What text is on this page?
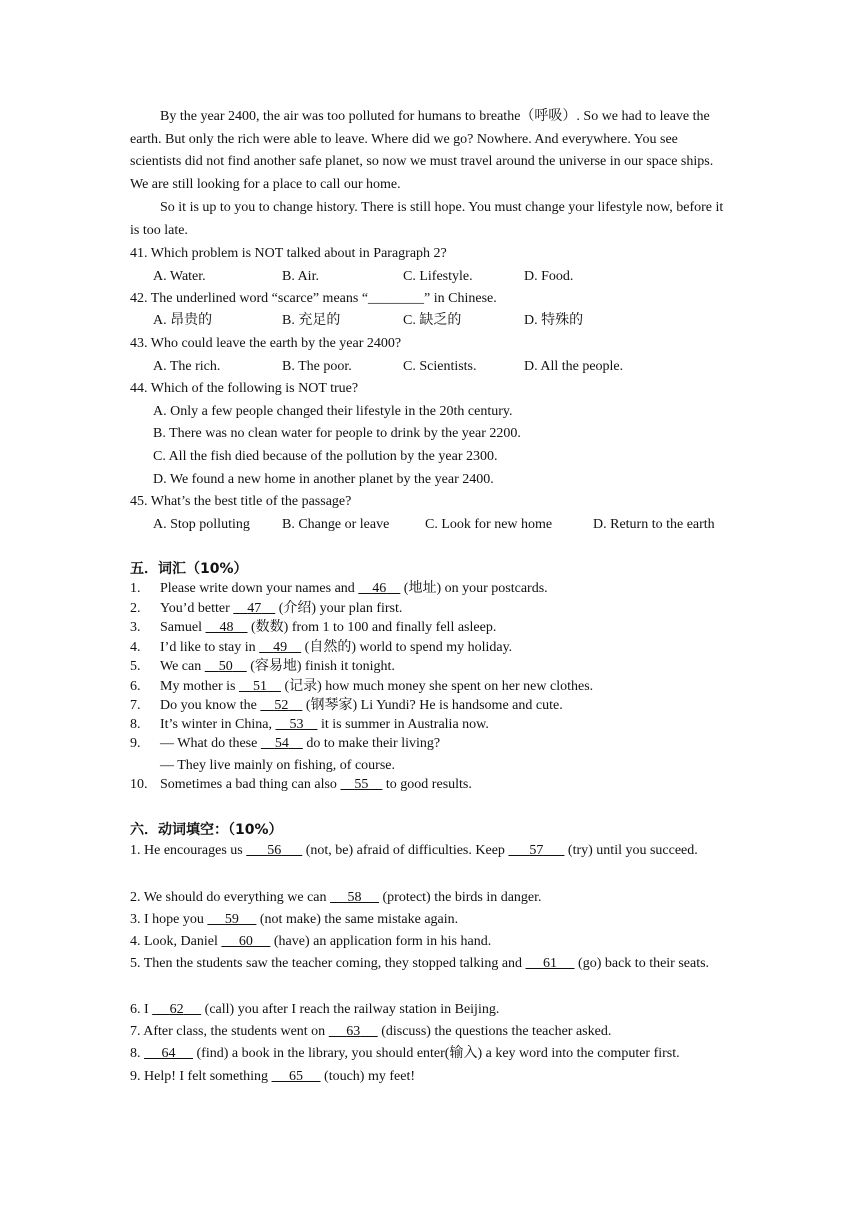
By the year 2400, the air was too polluted for humans to breathe（呼吸）. So we had to leave the earth. But only the rich were able to leave. Where did we go? Nowhere. And everywhere. You see scientists did not find another safe planet, so now we must travel around the universe in our space ships. We are still looking for a place to call our home.
So it is up to you to change history. There is still hope. You must change your lifestyle now, before it is too late.
41. Which problem is NOT talked about in Paragraph 2?
A. Water.	B. Air.	C. Lifestyle.	D. Food.
42. The underlined word “scarce” means “________” in Chinese.
A. 昂贵的	B. 充足的	C. 缺乏的	D. 特殊的
43. Who could leave the earth by the year 2400?
A. The rich.	B. The poor.	C. Scientists.	D. All the people.
44. Which of the following is NOT true?
A. Only a few people changed their lifestyle in the 20th century.
B. There was no clean water for people to drink by the year 2200.
C. All the fish died because of the pollution by the year 2300.
D. We found a new home in another planet by the year 2400.
45. What’s the best title of the passage?
A. Stop polluting B. Change or leave	C. Look for new home	D. Return to the earth
五．词汇（10%）
1. Please write down your names and     46     (地址) on your postcards.
2. You’d better     47     (介绍) your plan first.
3. Samuel     48     (数数) from 1 to 100 and finally fell asleep.
4. I’d like to stay in     49     (自然的) world to spend my holiday.
5. We can     50     (容易地) finish it tonight.
6. My mother is     51     (记录) how much money she spent on her new clothes.
7. Do you know the     52     (钢琴家) Li Yundi? He is handsome and cute.
8. It’s winter in China,     53     it is summer in Australia now.
9. — What do these     54     do to make their living?
— They live mainly on fishing, of course.
10. Sometimes a bad thing can also     55     to good results.
六．动词填空：（10%）
1. He encourages us       56       (not, be) afraid of difficulties. Keep       57       (try) until you succeed.
2. We should do everything we can      58      (protect) the birds in danger.
3. I hope you      59      (not make) the same mistake again.
4. Look, Daniel      60      (have) an application form in his hand.
5. Then the students saw the teacher coming, they stopped talking and      61      (go) back to their seats.
6. I      62      (call) you after I reach the railway station in Beijing.
7. After class, the students went on      63      (discuss) the questions the teacher asked.
8.      64      (find) a book in the library, you should enter(输入) a key word into the computer first.
9. Help! I felt something      65      (touch) my feet!
